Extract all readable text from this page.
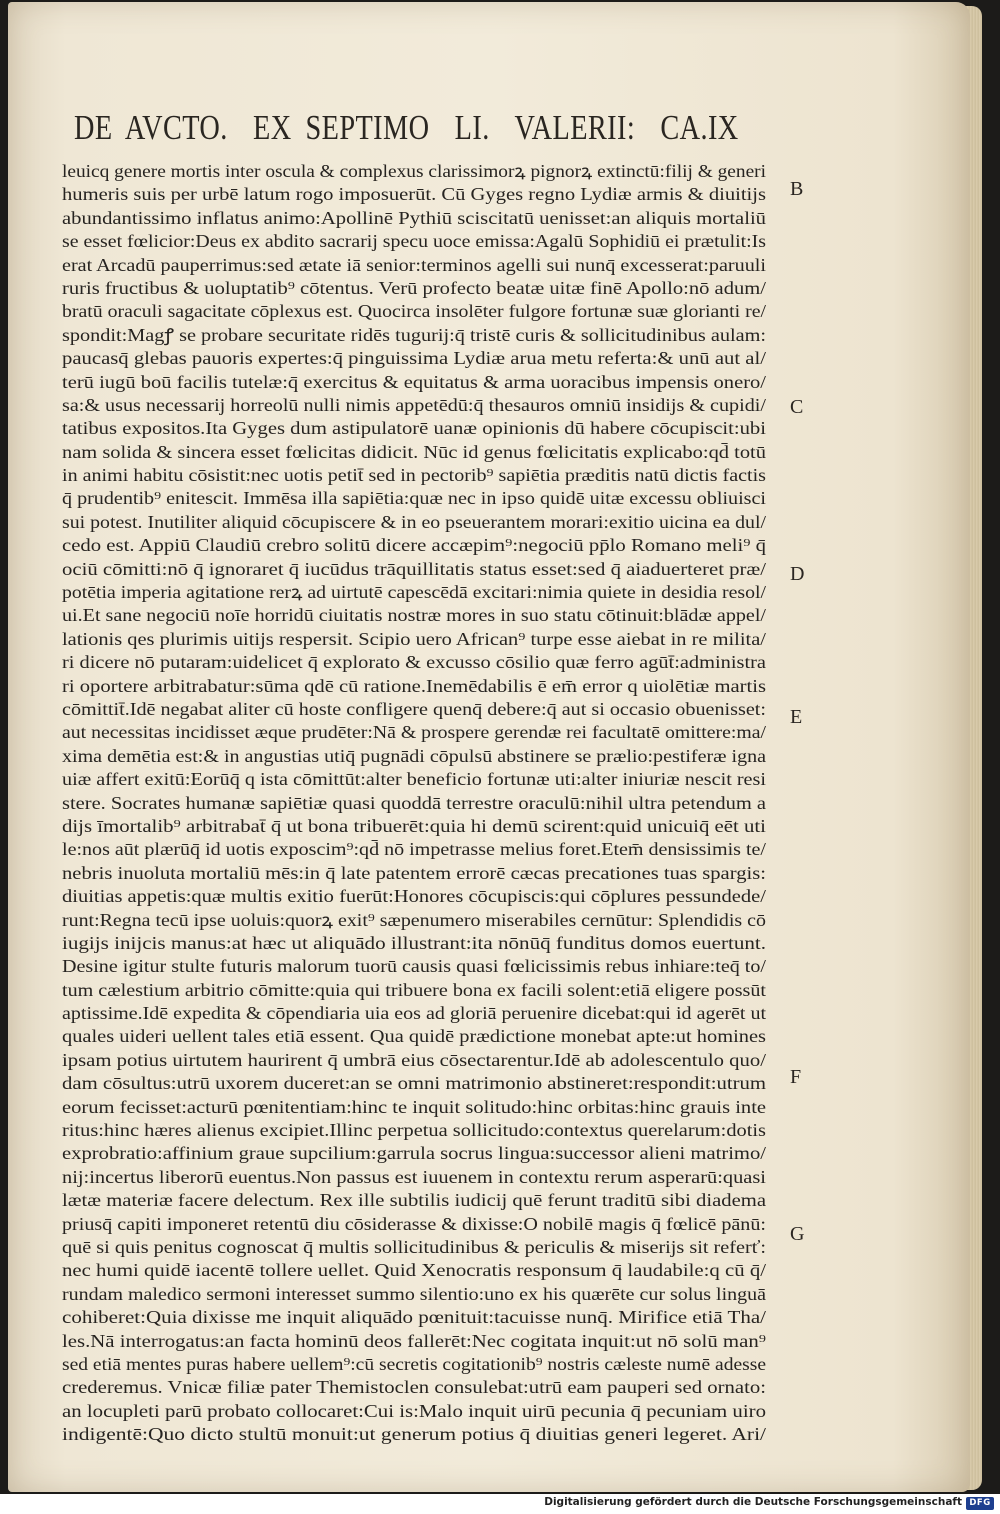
DE AVCTO. EX SEPTIMO LI. VALERII: CA.IX
leuicq genere mortis inter oscula & complexus clarissimorꝝ pignorꝝ extinctū:filij & generi
humeris suis per urbē latum rogo imposuerūt. Cū Gyges regno Lydiæ armis & diuitijs
abundantissimo inflatus animo:Apollinē Pythiū sciscitatū uenisset:an aliquis mortaliū
se esset fœlicior:Deus ex abdito sacrarij specu uoce emissa:Agalū Sophidiū ei prætulit:Is
erat Arcadū pauperrimus:sed ætate iā senior:terminos agelli sui nunq̄ excesserat:paruuli
ruris fructibus & uoluptatib⁹ cōtentus. Verū profecto beatæ uitæ finē Apollo:nō adum/
bratū oraculi sagacitate cōplexus est. Quocirca insolēter fulgore fortunæ suæ glorianti re/
spondit:Magꝭ se probare securitate ridēs tugurij:q̄ tristē curis & sollicitudinibus aulam:
paucasq̄ glebas pauoris expertes:q̄ pinguissima Lydiæ arua metu referta:& unū aut al/
terū iugū boū facilis tutelæ:q̄ exercitus & equitatus & arma uoracibus impensis onero/
sa:& usus necessarij horreolū nulli nimis appetēdū:q̄ thesauros omniū insidijs & cupidi/
tatibus expositos.Ita Gyges dum astipulatorē uanæ opinionis dū habere cōcupiscit:ubi
nam solida & sincera esset fœlicitas didicit. Nūc id genus fœlicitatis explicabo:qd̄ totū
in animi habitu cōsistit:nec uotis petit̄ sed in pectorib⁹ sapiētia præditis natū dictis factis
q̄ prudentib⁹ enitescit. Immēsa illa sapiētia:quæ nec in ipso quidē uitæ excessu obliuisci
sui potest. Inutiliter aliquid cōcupiscere & in eo pseuerantem morari:exitio uicina ea dul/
cedo est. Appiū Claudiū crebro solitū dicere accæpim⁹:negociū pp̄lo Romano meli⁹ q̄
ociū cōmitti:nō q̄ ignoraret q̄ iucūdus trāquillitatis status esset:sed q̄ aiaduerteret præ/
potētia imperia agitatione rerꝝ ad uirtutē capescēdā excitari:nimia quiete in desidia resol/
ui.Et sane negociū noīe horridū ciuitatis nostræ mores in suo statu cōtinuit:blādæ appel/
lationis qes plurimis uitijs respersit. Scipio uero African⁹ turpe esse aiebat in re milita/
ri dicere nō putaram:uidelicet q̄ explorato & excusso cōsilio quæ ferro agūt̄:administra
ri oportere arbitrabatur:sūma qdē cū ratione.Inemēdabilis ē em̄ error q uiolētiæ martis
cōmittit̄.Idē negabat aliter cū hoste confligere quenq̄ debere:q̄ aut si occasio obuenisset:
aut necessitas incidisset æque prudēter:Nā & prospere gerendæ rei facultatē omittere:ma/
xima demētia est:& in angustias utiq̄ pugnādi cōpulsū abstinere se prælio:pestiferæ igna
uiæ affert exitū:Eorūq̄ q ista cōmittūt:alter beneficio fortunæ uti:alter iniuriæ nescit resi
stere. Socrates humanæ sapiētiæ quasi quoddā terrestre oraculū:nihil ultra petendum a
dijs īmortalib⁹ arbitrabat̄ q̄ ut bona tribuerēt:quia hi demū scirent:quid unicuiq̄ eēt uti
le:nos aūt plærūq̄ id uotis exposcim⁹:qd̄ nō impetrasse melius foret.Etem̄ densissimis te/
nebris inuoluta mortaliū mēs:in q̄ late patentem errorē cæcas precationes tuas spargis:
diuitias appetis:quæ multis exitio fuerūt:Honores cōcupiscis:qui cōplures pessundede/
runt:Regna tecū ipse uoluis:quorꝝ exit⁹ sæpenumero miserabiles cernūtur: Splendidis cō
iugijs inijcis manus:at hæc ut aliquādo illustrant:ita nōnūq̄ funditus domos euertunt.
Desine igitur stulte futuris malorum tuorū causis quasi fœlicissimis rebus inhiare:teq̄ to/
tum cælestium arbitrio cōmitte:quia qui tribuere bona ex facili solent:etiā eligere possūt
aptissime.Idē expedita & cōpendiaria uia eos ad gloriā peruenire dicebat:qui id agerēt ut
quales uideri uellent tales etiā essent. Qua quidē prædictione monebat apte:ut homines
ipsam potius uirtutem haurirent q̄ umbrā eius cōsectarentur.Idē ab adolescentulo quo/
dam cōsultus:utrū uxorem duceret:an se omni matrimonio abstineret:respondit:utrum
eorum fecisset:acturū pœnitentiam:hinc te inquit solitudo:hinc orbitas:hinc grauis inte
ritus:hinc hæres alienus excipiet.Illinc perpetua sollicitudo:contextus querelarum:dotis
exprobratio:affinium graue supcilium:garrula socrus lingua:successor alieni matrimo/
nij:incertus liberorū euentus.Non passus est iuuenem in contextu rerum asperarū:quasi
lætæ materiæ facere delectum. Rex ille subtilis iudicij quē ferunt traditū sibi diadema
priusq̄ capiti imponeret retentū diu cōsiderasse & dixisse:O nobilē magis q̄ fœlicē pānū:
quē si quis penitus cognoscat q̄ multis sollicitudinibus & periculis & miserijs sit referť:
nec humi quidē iacentē tollere uellet. Quid Xenocratis responsum q̄ laudabile:q cū q̄/
rundam maledico sermoni interesset summo silentio:uno ex his quærēte cur solus linguā
cohiberet:Quia dixisse me inquit aliquādo pœnituit:tacuisse nunq̄. Mirifice etiā Tha/
les.Nā interrogatus:an facta hominū deos fallerēt:Nec cogitata inquit:ut nō solū man⁹
sed etiā mentes puras habere uellem⁹:cū secretis cogitationib⁹ nostris cæleste numē adesse
crederemus. Vnicæ filiæ pater Themistoclen consulebat:utrū eam pauperi sed ornato:
an locupleti parū probato collocaret:Cui is:Malo inquit uirū pecunia q̄ pecuniam uiro
indigentē:Quo dicto stultū monuit:ut generum potius q̄ diuitias generi legeret. Ari/
B
C
D
E
F
G
Digitalisierung gefördert durch die Deutsche Forschungsgemeinschaft DFG
